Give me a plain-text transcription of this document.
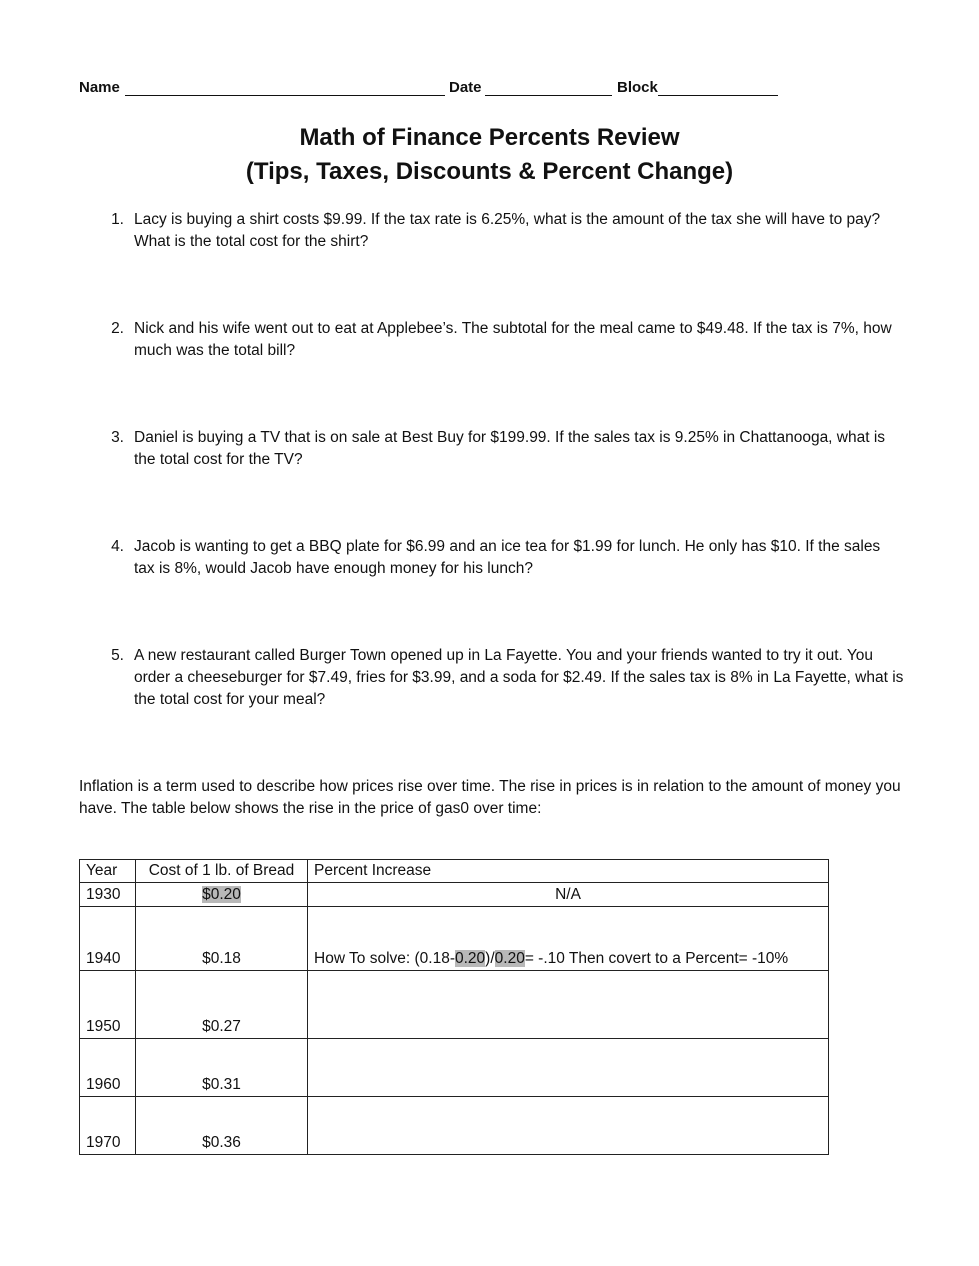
Name	Date	Block
Math of Finance Percents Review
(Tips, Taxes, Discounts & Percent Change)
1. Lacy is buying a shirt costs $9.99. If the tax rate is 6.25%, what is the amount of the tax she will have to pay? What is the total cost for the shirt?
2. Nick and his wife went out to eat at Applebee’s. The subtotal for the meal came to $49.48. If the tax is 7%, how much was the total bill?
3. Daniel is buying a TV that is on sale at Best Buy for $199.99. If the sales tax is 9.25% in Chattanooga, what is the total cost for the TV?
4. Jacob is wanting to get a BBQ plate for $6.99 and an ice tea for $1.99 for lunch. He only has $10. If the sales tax is 8%, would Jacob have enough money for his lunch?
5. A new restaurant called Burger Town opened up in La Fayette. You and your friends wanted to try it out. You order a cheeseburger for $7.49, fries for $3.99, and a soda for $2.49. If the sales tax is 8% in La Fayette, what is the total cost for your meal?
Inflation is a term used to describe how prices rise over time. The rise in prices is in relation to the amount of money you have. The table below shows the rise in the price of gas0 over time:
Year	Cost of 1 lb. of Bread	Percent Increase
1930	$0.20	N/A
1940	$0.18	How To solve: (0.18-0.20)/0.20= -.10 Then covert to a Percent= -10%
1950	$0.27	
1960	$0.31	
1970	$0.36	
